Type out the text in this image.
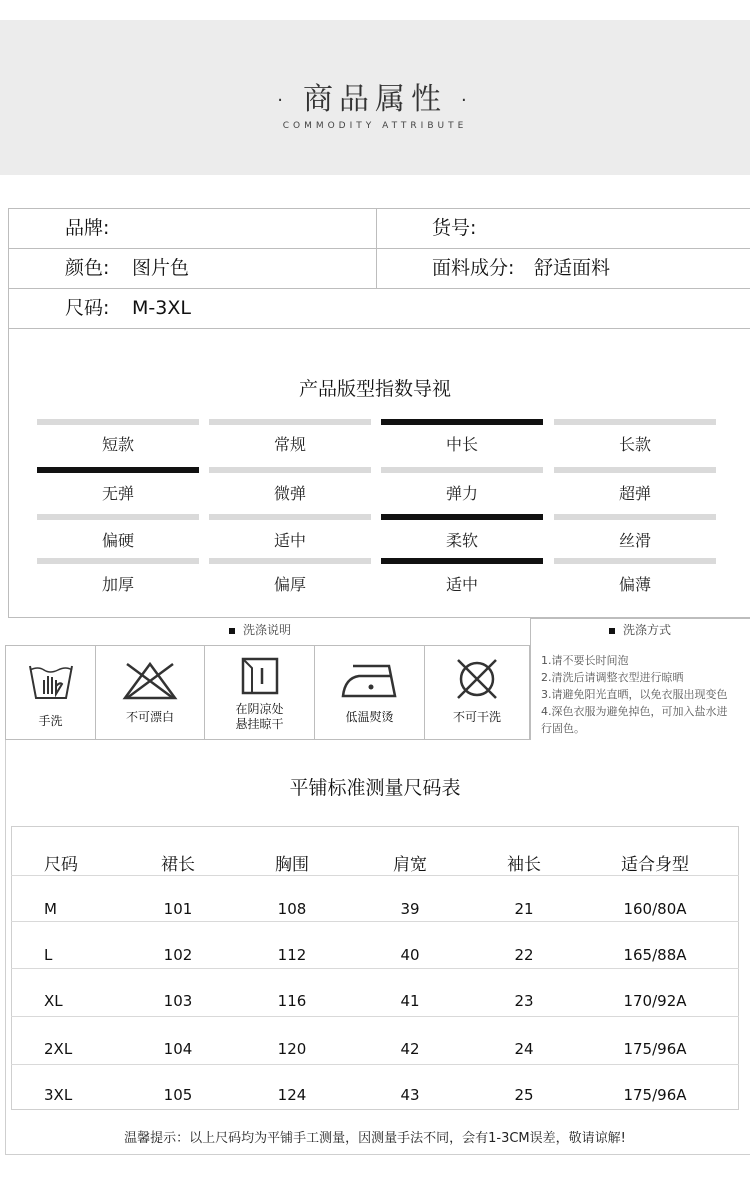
· 商品属性 ·
COMMODITY ATTRIBUTE
品牌:	货号:
颜色: 图片色	面料成分: 舒适面料
尺码: M-3XL
产品版型指数导视
短款	常规	中长	长款
无弹	微弹	弹力	超弹
偏硬	适中	柔软	丝滑
加厚	偏厚	适中	偏薄
洗涤说明	洗涤方式
手洗	不可漂白
在阴凉处
悬挂晾干	低温熨烫	不可干洗
1.请不要长时间泡
2.清洗后请调整衣型进行晾晒
3.请避免阳光直晒，以免衣服出现变色
4.深色衣服为避免掉色，可加入盐水进
行固色。
平铺标准测量尺码表
尺码	裙长	胸围	肩宽	袖长	适合身型
M	101	108	39	21	160/80A
L	102	112	40	22	165/88A
XL	103	116	41	23	170/92A
2XL	104	120	42	24	175/96A
3XL	105	124	43	25	175/96A
温馨提示：以上尺码均为平铺手工测量，因测量手法不同，会有1-3CM误差，敬请谅解!
